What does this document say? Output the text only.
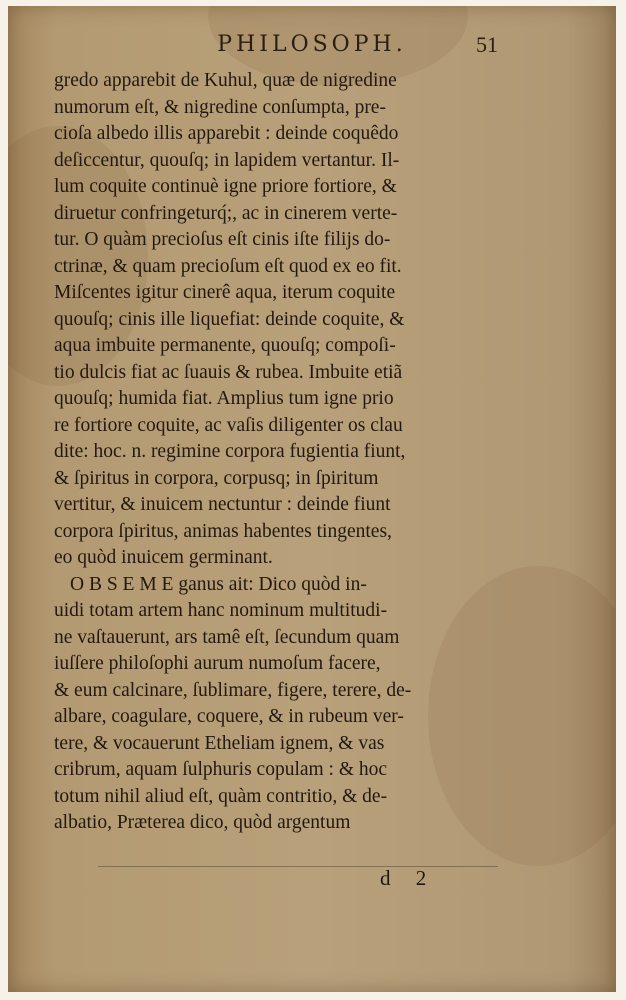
PHILOSOPH.	51
gredo apparebit de Kuhul, quæ de nigredine
numorum eſt, & nigredine conſumpta, pre-
cioſa albedo illis apparebit : deinde coquêdo
deſiccentur, quouſq; in lapidem vertantur. Il-
lum coquite continuè igne priore fortiore, &
diruetur confringeturq́;, ac in cinerem verte-
tur. O quàm precioſus eſt cinis iſte filijs do-
ctrinæ, & quam precioſum eſt quod ex eo fit.
Miſcentes igitur cinerê aqua, iterum coquite
quouſq; cinis ille liquefiat: deinde coquite, &
aqua imbuite permanente, quouſq; compoſi-
tio dulcis fiat ac ſuauis & rubea. Imbuite etiã
quouſq; humida fiat. Amplius tum igne prio
re fortiore coquite, ac vaſis diligenter os clau
dite: hoc. n. regimine corpora fugientia fiunt,
& ſpiritus in corpora, corpusq; in ſpiritum
vertitur, & inuicem nectuntur : deinde fiunt
corpora ſpiritus, animas habentes tingentes,
eo quòd inuicem germinant.
O B S E M E ganus ait: Dico quòd in-
uidi totam artem hanc nominum multitudi-
ne vaſtauerunt, ars tamê eſt, ſecundum quam
iuſſere philoſophi aurum numoſum facere,
& eum calcinare, ſublimare, figere, terere, de-
albare, coagulare, coquere, & in rubeum ver-
tere, & vocauerunt Etheliam ignem, & vas
cribrum, aquam ſulphuris copulam : & hoc
totum nihil aliud eſt, quàm contritio, & de-
albatio, Præterea dico, quòd argentum
d 2
